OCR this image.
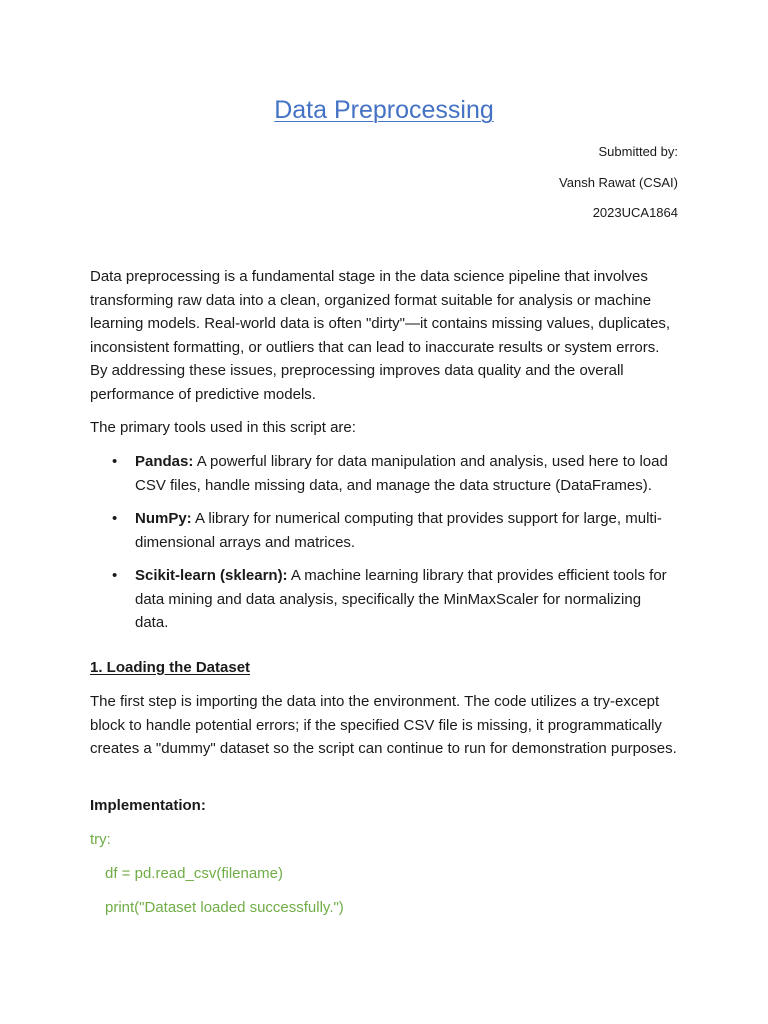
Data Preprocessing
Submitted by:
Vansh Rawat (CSAI)
2023UCA1864
Data preprocessing is a fundamental stage in the data science pipeline that involves transforming raw data into a clean, organized format suitable for analysis or machine learning models. Real-world data is often "dirty"—it contains missing values, duplicates, inconsistent formatting, or outliers that can lead to inaccurate results or system errors. By addressing these issues, preprocessing improves data quality and the overall performance of predictive models.
The primary tools used in this script are:
• Pandas: A powerful library for data manipulation and analysis, used here to load CSV files, handle missing data, and manage the data structure (DataFrames).
• NumPy: A library for numerical computing that provides support for large, multi-dimensional arrays and matrices.
• Scikit-learn (sklearn): A machine learning library that provides efficient tools for data mining and data analysis, specifically the MinMaxScaler for normalizing data.
1. Loading the Dataset
The first step is importing the data into the environment. The code utilizes a try-except block to handle potential errors; if the specified CSV file is missing, it programmatically creates a "dummy" dataset so the script can continue to run for demonstration purposes.
Implementation:
try:
df = pd.read_csv(filename)
print("Dataset loaded successfully.")
